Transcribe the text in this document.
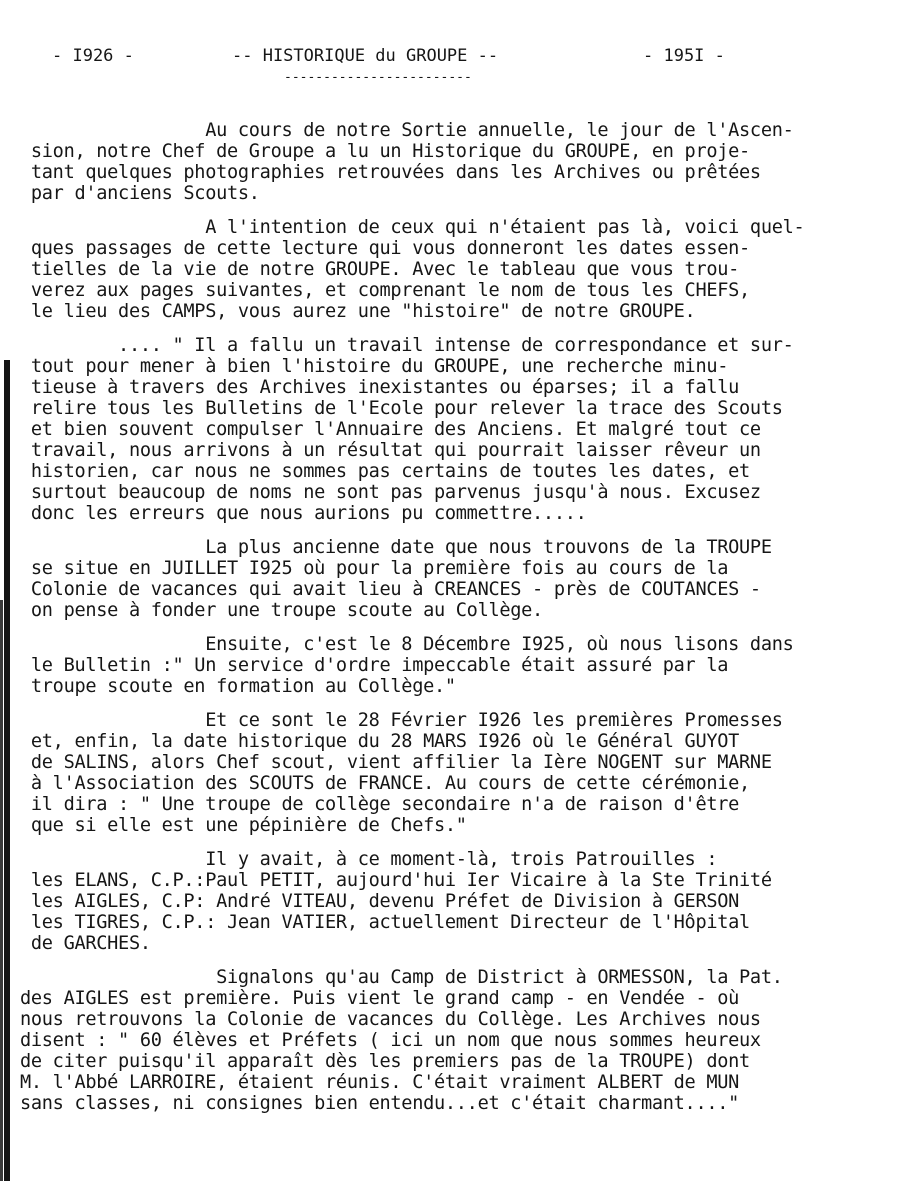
- I926 -	-- HISTORIQUE du GROUPE --	- 195I -
------------------------
Au cours de notre Sortie annuelle, le jour de l'Ascen-
sion, notre Chef de Groupe a lu un Historique du GROUPE, en proje-
tant quelques photographies retrouvées dans les Archives ou prêtées
par d'anciens Scouts.
A l'intention de ceux qui n'étaient pas là, voici quel-
ques passages de cette lecture qui vous donneront les dates essen-
tielles de la vie de notre GROUPE. Avec le tableau que vous trou-
verez aux pages suivantes, et comprenant le nom de tous les CHEFS,
le lieu des CAMPS, vous aurez une "histoire" de notre GROUPE.
.... " Il a fallu un travail intense de correspondance et sur-
tout pour mener à bien l'histoire du GROUPE, une recherche minu-
tieuse à travers des Archives inexistantes ou éparses; il a fallu
relire tous les Bulletins de l'Ecole pour relever la trace des Scouts
et bien souvent compulser l'Annuaire des Anciens. Et malgré tout ce
travail, nous arrivons à un résultat qui pourrait laisser rêveur un
historien, car nous ne sommes pas certains de toutes les dates, et
surtout beaucoup de noms ne sont pas parvenus jusqu'à nous. Excusez
donc les erreurs que nous aurions pu commettre.....
La plus ancienne date que nous trouvons de la TROUPE
se situe en JUILLET I925 où pour la première fois au cours de la
Colonie de vacances qui avait lieu à CREANCES - près de COUTANCES -
on pense à fonder une troupe scoute au Collège.
Ensuite, c'est le 8 Décembre I925, où nous lisons dans
le Bulletin :" Un service d'ordre impeccable était assuré par la
troupe scoute en formation au Collège."
Et ce sont le 28 Février I926 les premières Promesses
et, enfin, la date historique du 28 MARS I926 où le Général GUYOT
de SALINS, alors Chef scout, vient affilier la Ière NOGENT sur MARNE
à l'Association des SCOUTS de FRANCE. Au cours de cette cérémonie,
il dira : " Une troupe de collège secondaire n'a de raison d'être
que si elle est une pépinière de Chefs."
Il y avait, à ce moment-là, trois Patrouilles :
les ELANS, C.P.:Paul PETIT, aujourd'hui Ier Vicaire à la Ste Trinité
les AIGLES, C.P: André VITEAU, devenu Préfet de Division à GERSON
les TIGRES, C.P.: Jean VATIER, actuellement Directeur de l'Hôpital
de GARCHES.
Signalons qu'au Camp de District à ORMESSON, la Pat.
des AIGLES est première. Puis vient le grand camp - en Vendée - où
nous retrouvons la Colonie de vacances du Collège. Les Archives nous
disent : " 60 élèves et Préfets ( ici un nom que nous sommes heureux
de citer puisqu'il apparaît dès les premiers pas de la TROUPE) dont
M. l'Abbé LARROIRE, étaient réunis. C'était vraiment ALBERT de MUN
sans classes, ni consignes bien entendu...et c'était charmant...."
